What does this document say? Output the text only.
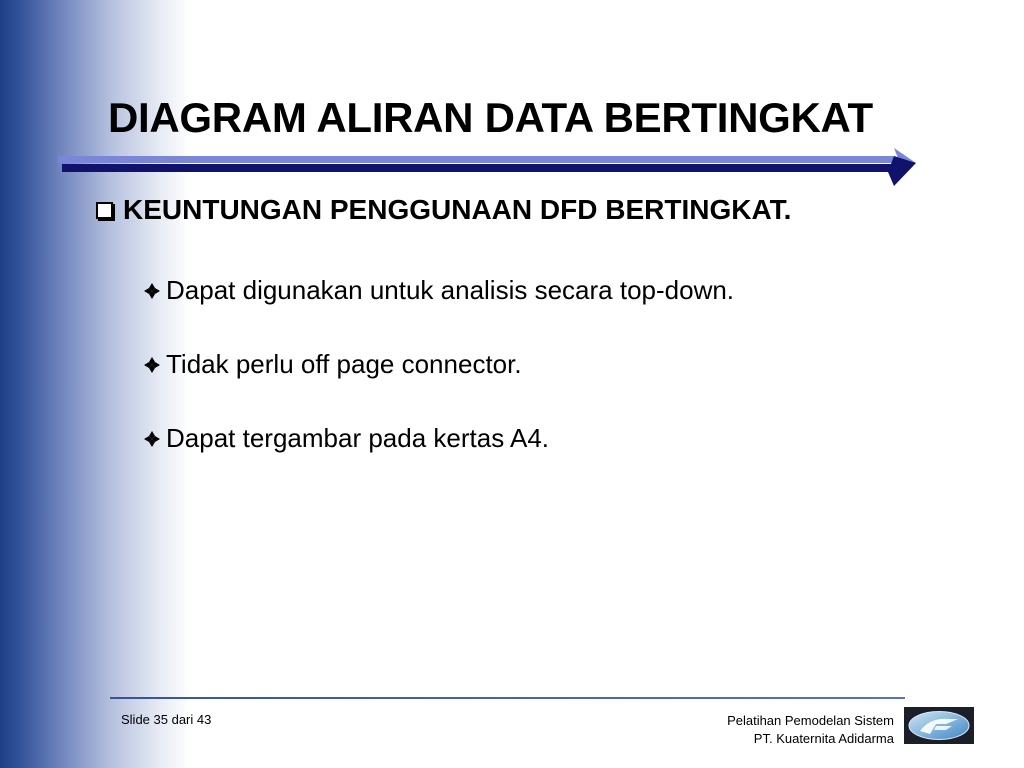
DIAGRAM ALIRAN DATA BERTINGKAT
KEUNTUNGAN PENGGUNAAN DFD BERTINGKAT.
Dapat digunakan untuk analisis secara top-down.
Tidak perlu off page connector.
Dapat tergambar pada kertas A4.
Slide 35 dari 43	Pelatihan Pemodelan Sistem
PT. Kuaternita Adidarma
